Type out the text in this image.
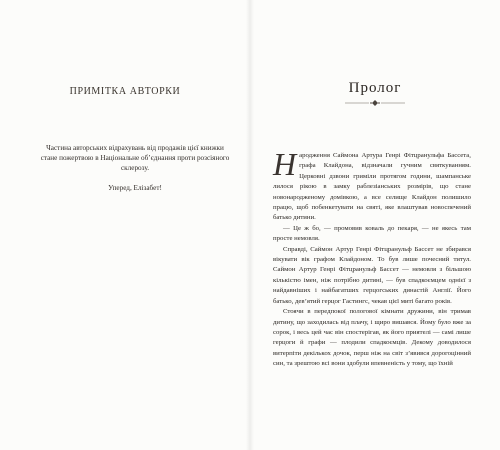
ПРИМІТКА АВТОРКИ

Частина авторських відрахувань від продажів цієї книжки стане пожертвою в Національне об’єднання проти розсіяного склерозу.

Уперед, Елізабет!

Пролог

Народження Саймона Артура Генрі Фітцранульфа Бассета, графа Клайдона, відзначали гучним святкуванням. Церковні дзвони гриміли протягом години, шампанське лилося рікою в замку раблезіанських розмірів, що стане новонародженому домівкою, а все селище Клайдон полишило працю, щоб побенкетувати на святі, яке влаштував новоспечений батько дитини.

— Це ж бо, — промовив коваль до пекаря, — не якесь там просте немовля.

Справді, Саймон Артур Генрі Фітцранульф Бассет не збирався вікувати вік графом Клайдоном. То був лише почесний титул. Саймон Артур Генрі Фітцранульф Бассет — немовля з більшою кількістю імен, ніж потрібно дитині, — був спадкоємцем однієї з найдавніших і найбагатших герцогських династій Англії. Його батько, дев’ятий герцог Гастингс, чекав цієї миті багато років.

Стоячи в передпокої пологової кімнати дружини, він тримав дитину, що заходилась від плачу, і щиро вишався. Йому було вже за сорок, і весь цей час він спостерігав, як його приятелі — самі лише герцоги й графи — плодили спадкоємців. Декому доводилося витерпіти декількох дочок, перш ніж на світ з’явився дорогоцінний син, та зрештою всі вони здобули впевненість у тому, що їхній
